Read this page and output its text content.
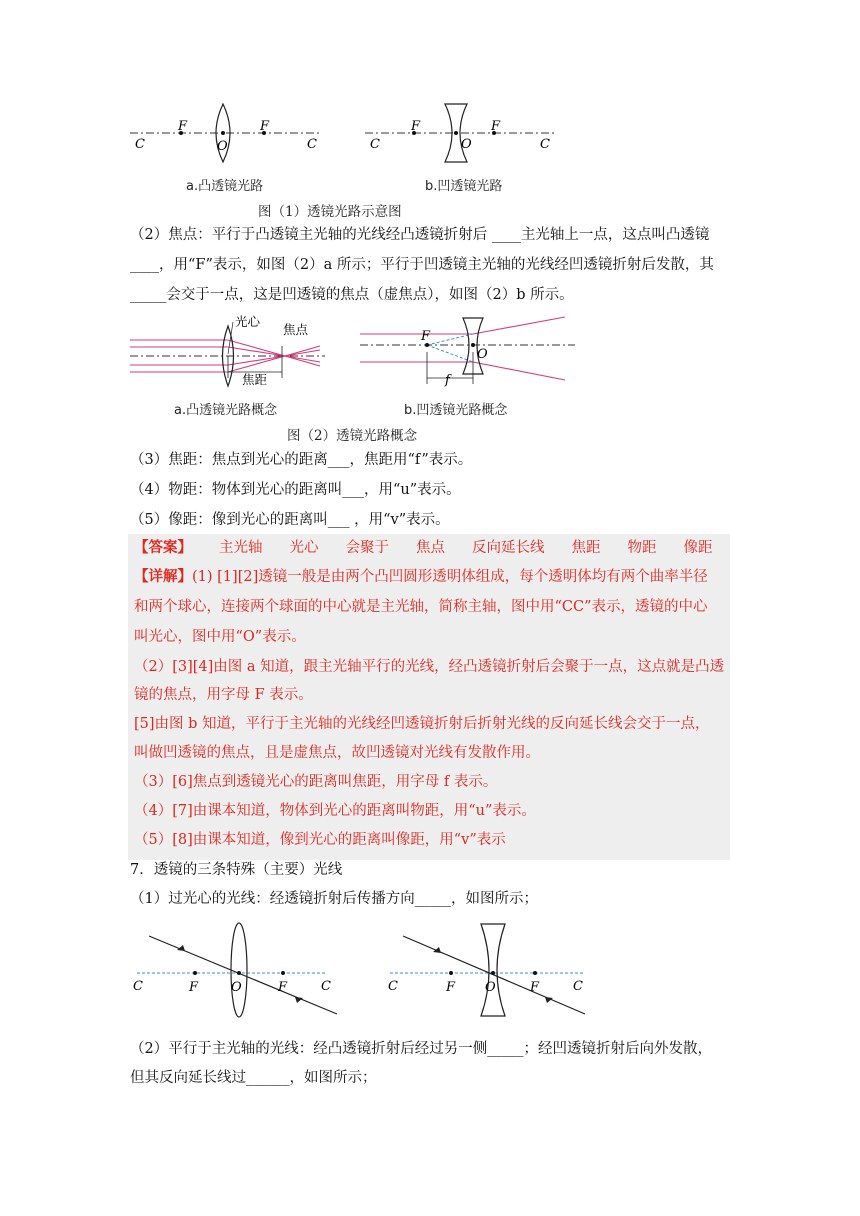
C
F
O
F
C	C
F
O
F
C
a.凸透镜光路	b.凹透镜光路
图（1）透镜光路示意图
（2）焦点：平行于凸透镜主光轴的光线经凸透镜折射后 ____主光轴上一点，这点叫凸透镜
____，用“F”表示，如图（2）a 所示；平行于凹透镜主光轴的光线经凹透镜折射后发散，其
_____会交于一点，这是凹透镜的焦点（虚焦点），如图（2）b 所示。
光心
焦点
焦距
F
O
f
a.凸透镜光路概念	b.凹透镜光路概念
图（2）透镜光路概念
（3）焦距：焦点到光心的距离___，焦距用“f”表示。
（4）物距：物体到光心的距离叫___，用“u”表示。
（5）像距：像到光心的距离叫___ ，用“v”表示。
【答案】 主光轴 光心 会聚于 焦点 反向延长线 焦距 物距 像距
【详解】(1) [1][2]透镜一般是由两个凸凹圆形透明体组成，每个透明体均有两个曲率半径
和两个球心，连接两个球面的中心就是主光轴，简称主轴，图中用“CC”表示，透镜的中心
叫光心，图中用“O”表示。
（2）[3][4]由图 a 知道，跟主光轴平行的光线，经凸透镜折射后会聚于一点，这点就是凸透
镜的焦点，用字母 F 表示。
[5]由图 b 知道，平行于主光轴的光线经凹透镜折射后折射光线的反向延长线会交于一点，
叫做凹透镜的焦点，且是虚焦点，故凹透镜对光线有发散作用。
（3）[6]焦点到透镜光心的距离叫焦距，用字母 f 表示。
（4）[7]由课本知道，物体到光心的距离叫物距，用“u”表示。
（5）[8]由课本知道，像到光心的距离叫像距，用“v”表示
7．透镜的三条特殊（主要）光线
（1）过光心的光线：经透镜折射后传播方向_____，如图所示；
C	F	O	F	C	C	F O	F	C
（2）平行于主光轴的光线：经凸透镜折射后经过另一侧_____；经凹透镜折射后向外发散，
但其反向延长线过______，如图所示；
